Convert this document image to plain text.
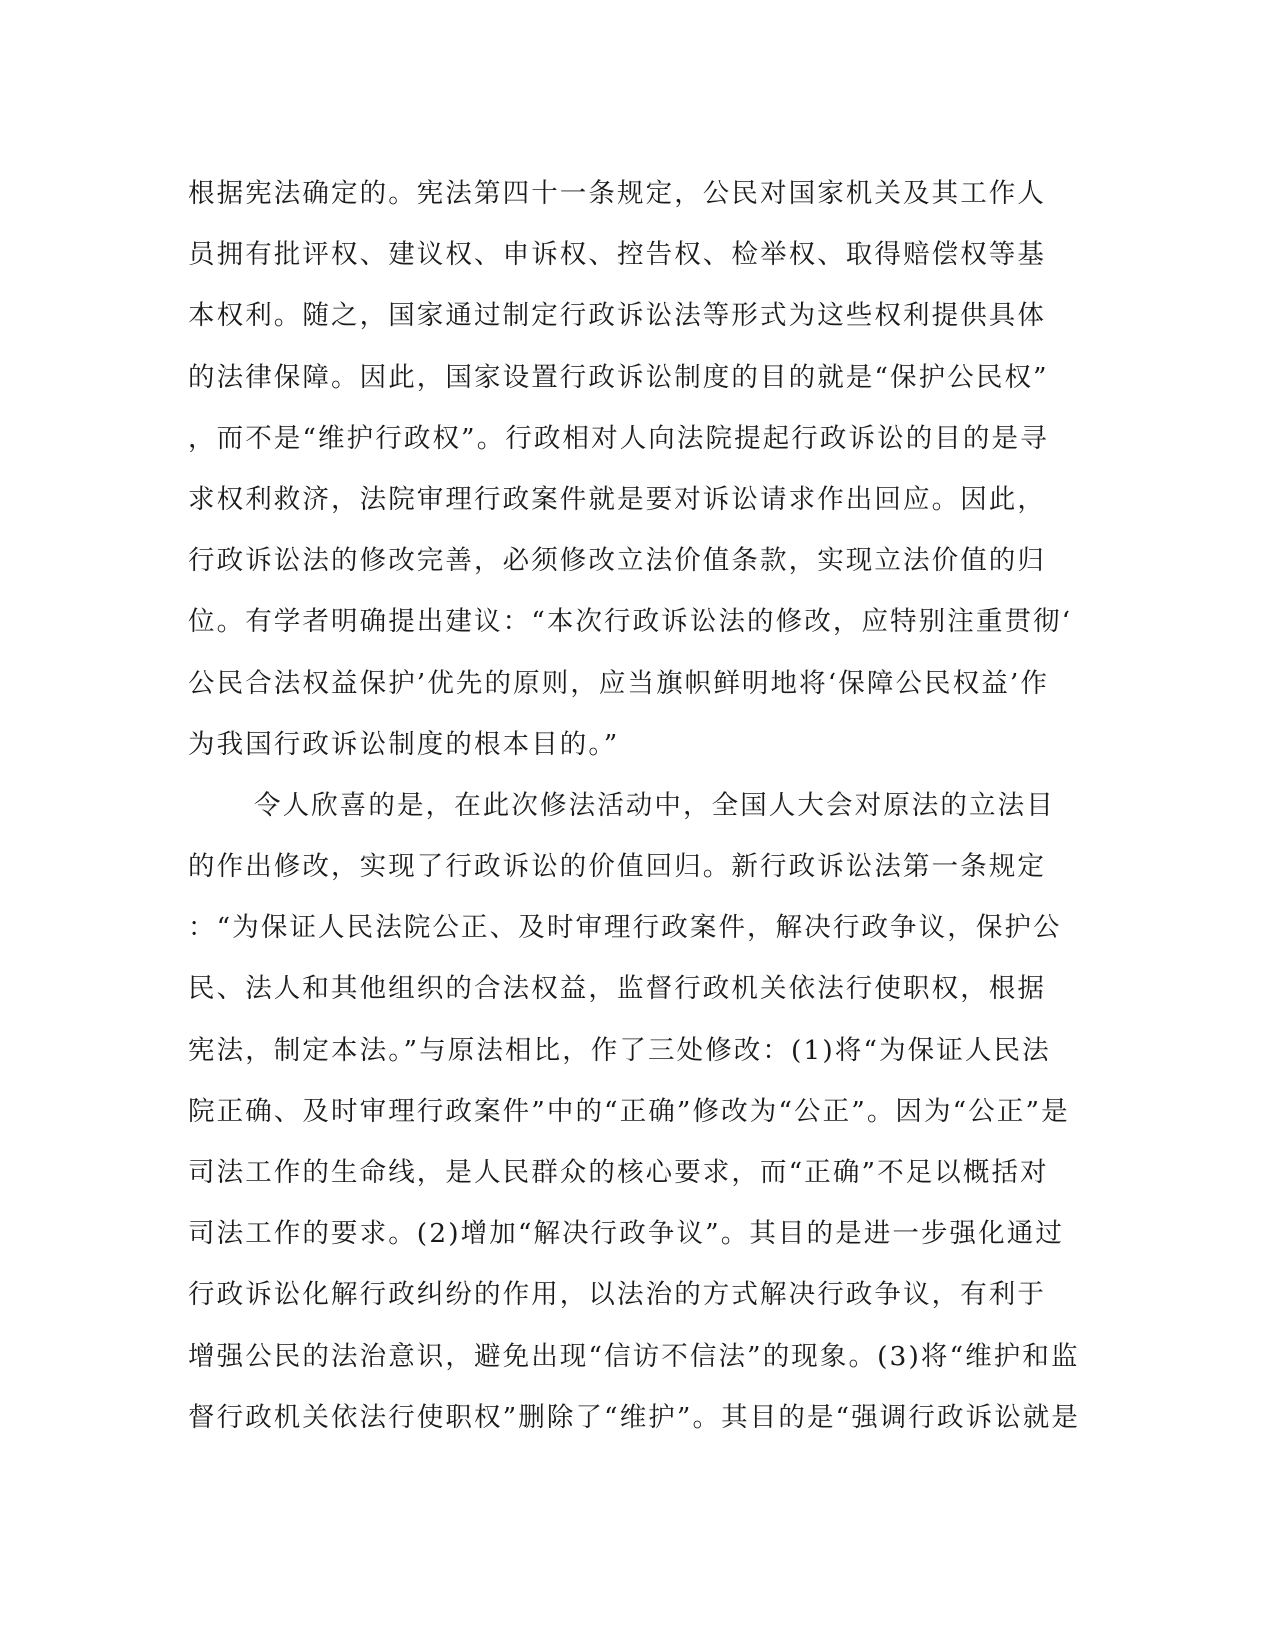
根据宪法确定的。宪法第四十一条规定，公民对国家机关及其工作人
员拥有批评权、建议权、申诉权、控告权、检举权、取得赔偿权等基
本权利。随之，国家通过制定行政诉讼法等形式为这些权利提供具体
的法律保障。因此，国家设置行政诉讼制度的目的就是“保护公民权”
，而不是“维护行政权”。行政相对人向法院提起行政诉讼的目的是寻
求权利救济，法院审理行政案件就是要对诉讼请求作出回应。因此，
行政诉讼法的修改完善，必须修改立法价值条款，实现立法价值的归
位。有学者明确提出建议：“本次行政诉讼法的修改，应特别注重贯彻‘
公民合法权益保护’优先的原则，应当旗帜鲜明地将‘保障公民权益’作
为我国行政诉讼制度的根本目的。”
令人欣喜的是，在此次修法活动中，全国人大会对原法的立法目
的作出修改，实现了行政诉讼的价值回归。新行政诉讼法第一条规定
：“为保证人民法院公正、及时审理行政案件，解决行政争议，保护公
民、法人和其他组织的合法权益，监督行政机关依法行使职权，根据
宪法，制定本法。”与原法相比，作了三处修改：(1)将“为保证人民法
院正确、及时审理行政案件”中的“正确”修改为“公正”。因为“公正”是
司法工作的生命线，是人民群众的核心要求，而“正确”不足以概括对
司法工作的要求。(2)增加“解决行政争议”。其目的是进一步强化通过
行政诉讼化解行政纠纷的作用，以法治的方式解决行政争议，有利于
增强公民的法治意识，避免出现“信访不信法”的现象。(3)将“维护和监
督行政机关依法行使职权”删除了“维护”。其目的是“强调行政诉讼就是
